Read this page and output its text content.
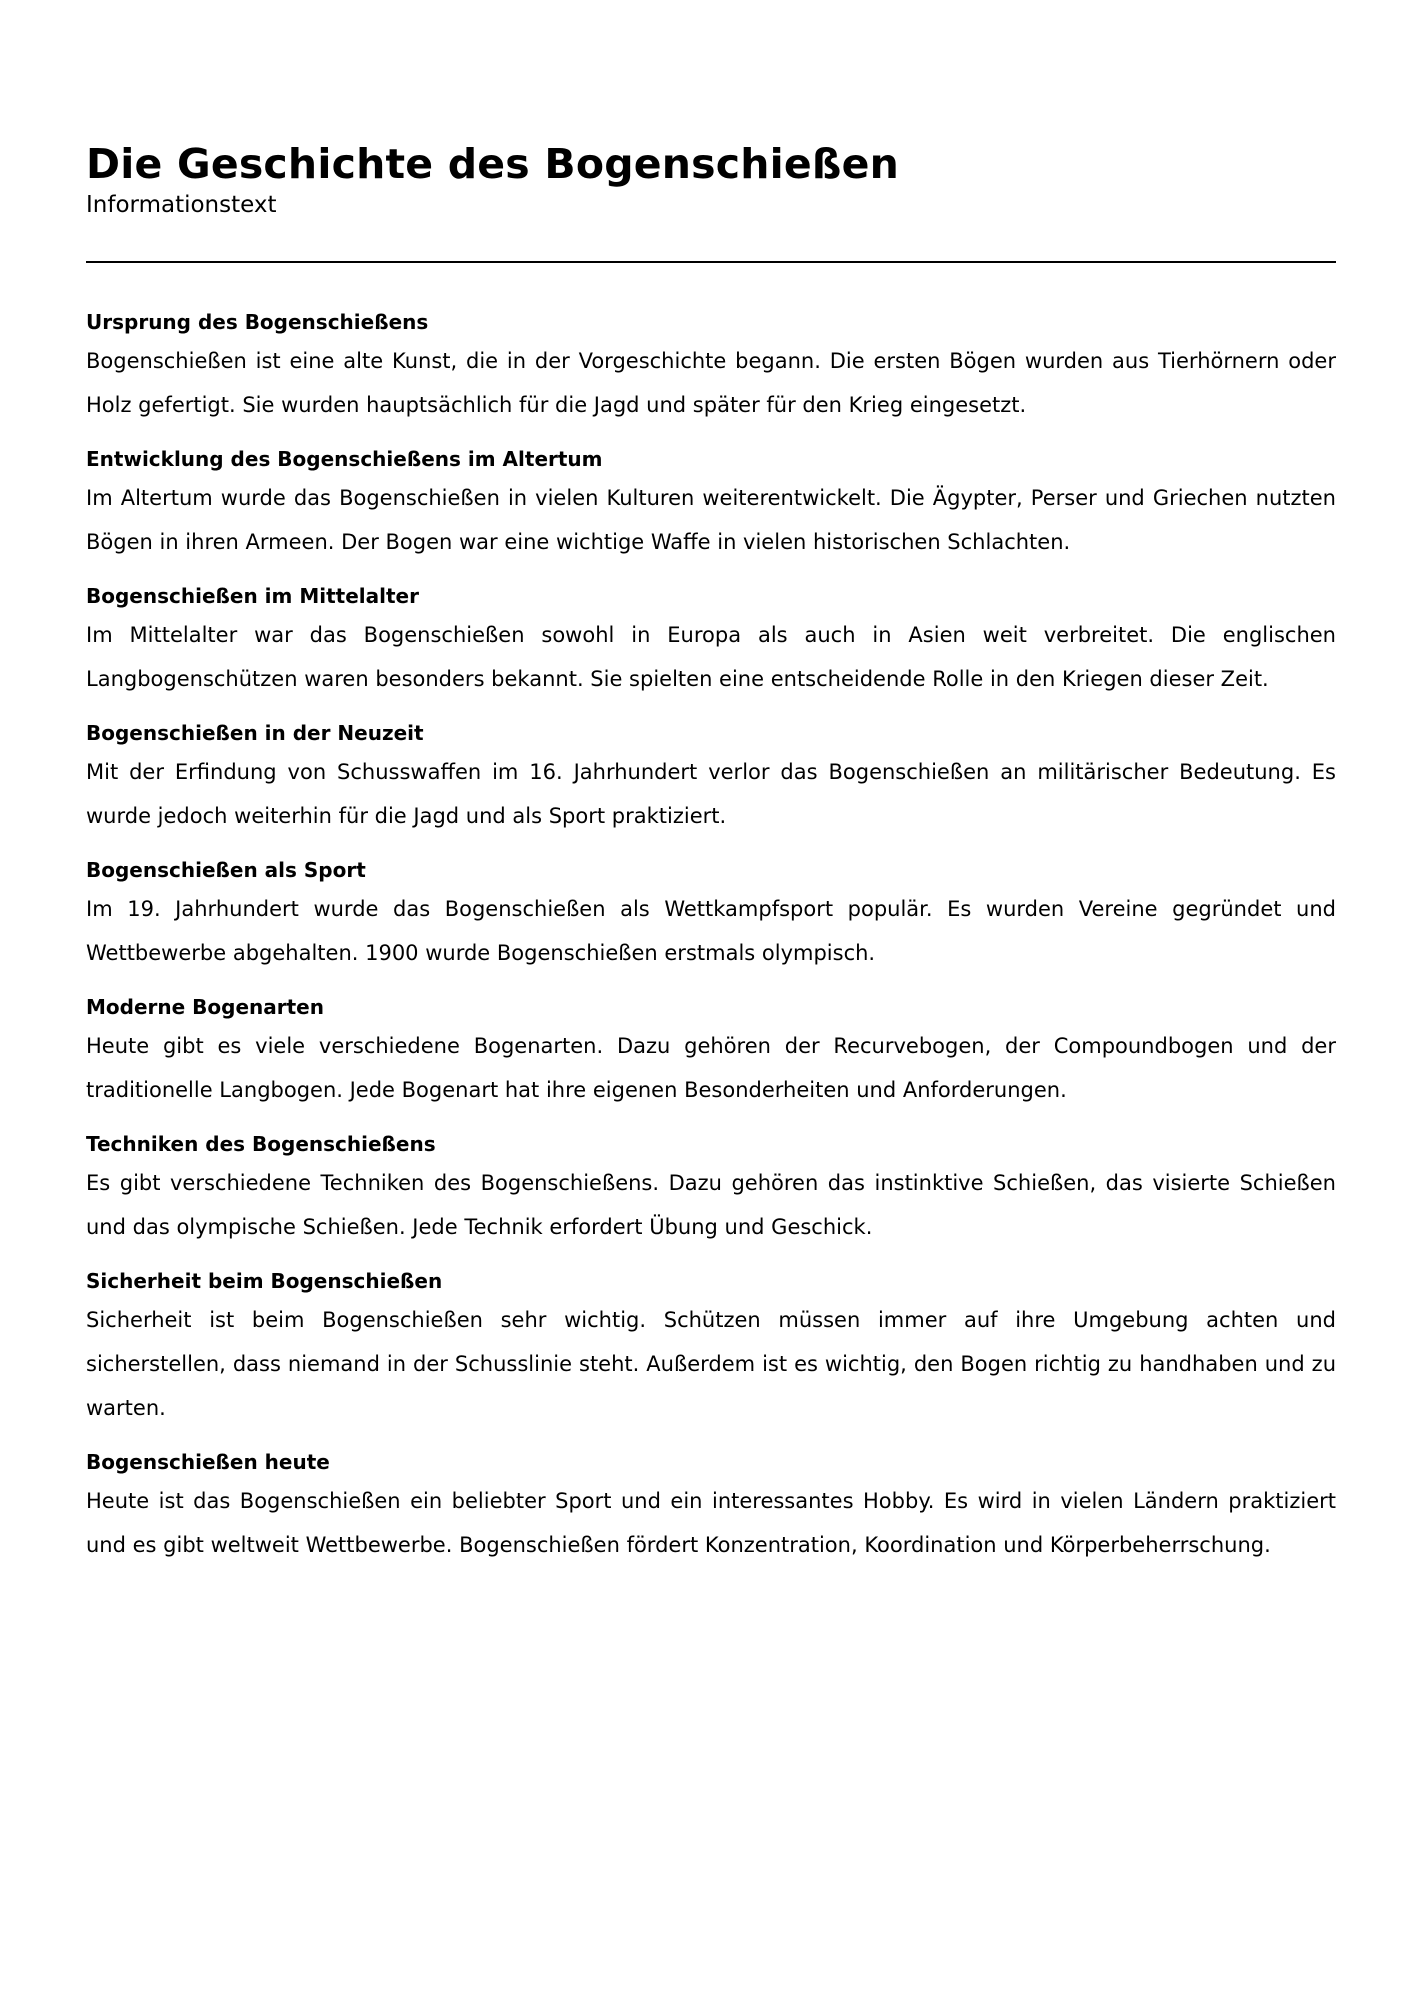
Die Geschichte des Bogenschießen

Informationstext

Ursprung des Bogenschießens

Bogenschießen ist eine alte Kunst, die in der Vorgeschichte begann. Die ersten Bögen wurden aus Tierhörnern oder Holz gefertigt. Sie wurden hauptsächlich für die Jagd und später für den Krieg eingesetzt.

Entwicklung des Bogenschießens im Altertum

Im Altertum wurde das Bogenschießen in vielen Kulturen weiterentwickelt. Die Ägypter, Perser und Griechen nutzten Bögen in ihren Armeen. Der Bogen war eine wichtige Waffe in vielen historischen Schlachten.

Bogenschießen im Mittelalter

Im Mittelalter war das Bogenschießen sowohl in Europa als auch in Asien weit verbreitet. Die englischen Langbogenschützen waren besonders bekannt. Sie spielten eine entscheidende Rolle in den Kriegen dieser Zeit.

Bogenschießen in der Neuzeit

Mit der Erfindung von Schusswaffen im 16. Jahrhundert verlor das Bogenschießen an militärischer Bedeutung. Es wurde jedoch weiterhin für die Jagd und als Sport praktiziert.

Bogenschießen als Sport

Im 19. Jahrhundert wurde das Bogenschießen als Wettkampfsport populär. Es wurden Vereine gegründet und Wettbewerbe abgehalten. 1900 wurde Bogenschießen erstmals olympisch.

Moderne Bogenarten

Heute gibt es viele verschiedene Bogenarten. Dazu gehören der Recurvebogen, der Compoundbogen und der traditionelle Langbogen. Jede Bogenart hat ihre eigenen Besonderheiten und Anforderungen.

Techniken des Bogenschießens

Es gibt verschiedene Techniken des Bogenschießens. Dazu gehören das instinktive Schießen, das visierte Schießen und das olympische Schießen. Jede Technik erfordert Übung und Geschick.

Sicherheit beim Bogenschießen

Sicherheit ist beim Bogenschießen sehr wichtig. Schützen müssen immer auf ihre Umgebung achten und sicherstellen, dass niemand in der Schusslinie steht. Außerdem ist es wichtig, den Bogen richtig zu handhaben und zu warten.

Bogenschießen heute

Heute ist das Bogenschießen ein beliebter Sport und ein interessantes Hobby. Es wird in vielen Ländern praktiziert und es gibt weltweit Wettbewerbe. Bogenschießen fördert Konzentration, Koordination und Körperbeherrschung.
